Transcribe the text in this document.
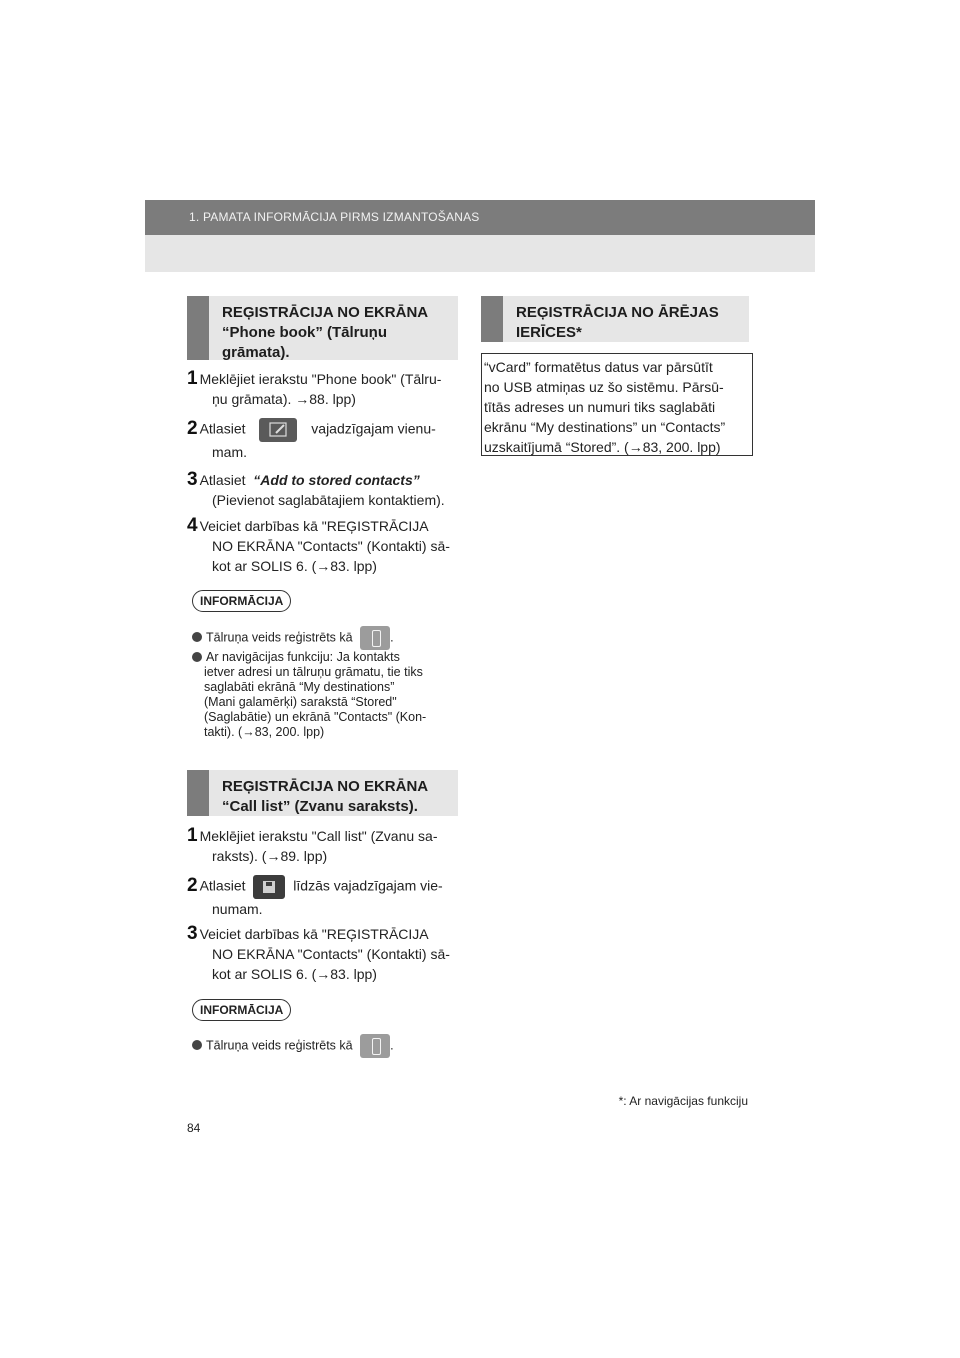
1. PAMATA INFORMĀCIJA PIRMS IZMANTOŠANAS
REĢISTRĀCIJA NO EKRĀNA
“Phone book” (Tālruņu
grāmata).
1 Meklējiet ierakstu "Phone book" (Tālru-
ņu grāmata). →88. lpp)
2 Atlasiet	vajadzīgajam vienu-
mam.
3 Atlasiet “Add to stored contacts”
(Pievienot saglabātajiem kontaktiem).
4 Veiciet darbības kā "REĢISTRĀCIJA
NO EKRĀNA "Contacts" (Kontakti) sā-
kot ar SOLIS 6. (→83. lpp)
INFORMĀCIJA
Tālruņa veids reģistrēts kā	.
Ar navigācijas funkciju: Ja kontakts
ietver adresi un tālruņu grāmatu, tie tiks
saglabāti ekrānā “My destinations”
(Mani galamērķi) sarakstā “Stored"
(Saglabātie) un ekrānā "Contacts" (Kon-
takti). (→83, 200. lpp)
REĢISTRĀCIJA NO EKRĀNA
“Call list” (Zvanu saraksts).
1 Meklējiet ierakstu "Call list" (Zvanu sa-
raksts). (→89. lpp)
2 Atlasiet	līdzās vajadzīgajam vie-
numam.
3 Veiciet darbības kā "REĢISTRĀCIJA
NO EKRĀNA "Contacts" (Kontakti) sā-
kot ar SOLIS 6. (→83. lpp)
INFORMĀCIJA
Tālruņa veids reģistrēts kā	.
REĢISTRĀCIJA NO ĀRĒJAS
IERĪCES*
“vCard” formatētus datus var pārsūtīt
no USB atmiņas uz šo sistēmu. Pārsū-
tītās adreses un numuri tiks saglabāti
ekrānu “My destinations” un “Contacts”
uzskaitījumā “Stored”. (→83, 200. lpp)
*: Ar navigācijas funkciju
84
